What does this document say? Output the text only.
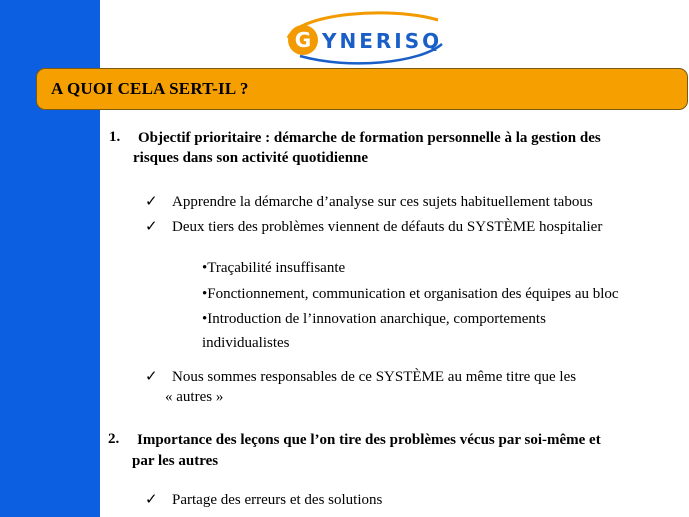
G YNERISQ
A QUOI CELA SERT-IL ?
1. Objectif prioritaire : démarche de formation personnelle à la gestion des
risques dans son activité quotidienne
✓ Apprendre la démarche d’analyse sur ces sujets habituellement tabous
✓ Deux tiers des problèmes viennent de défauts du SYSTÈME hospitalier
•Traçabilité insuffisante
•Fonctionnement, communication et organisation des équipes au bloc
•Introduction de l’innovation anarchique, comportements
individualistes
✓ Nous sommes responsables de ce SYSTÈME au même titre que les
« autres »
2. Importance des leçons que l’on tire des problèmes vécus par soi-même et
par les autres
✓ Partage des erreurs et des solutions
